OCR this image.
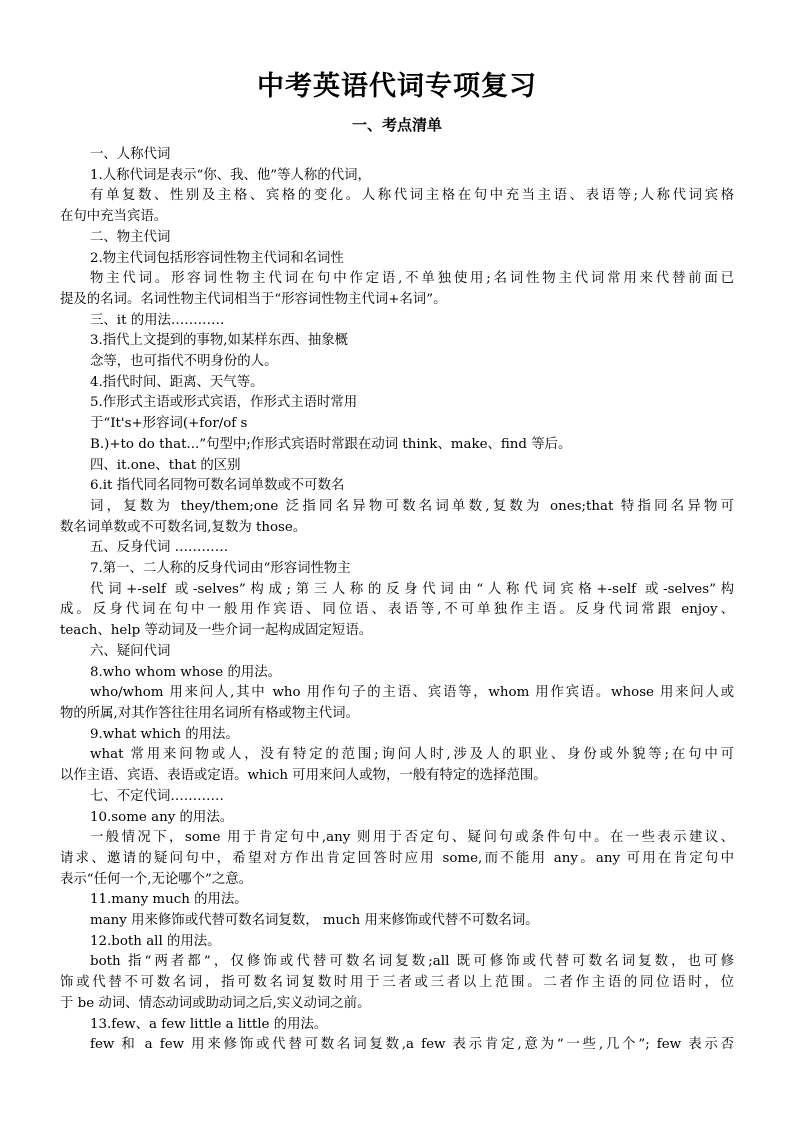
中考英语代词专项复习
一、考点清单
一、人称代词
1.人称代词是表示“你、我、他”等人称的代词，
有单复数、性别及主格、宾格的变化。人称代词主格在句中充当主语、表语等;人称代词宾格
在句中充当宾语。
二、物主代词
2.物主代词包括形容词性物主代词和名词性
物主代词。形容词性物主代词在句中作定语,不单独使用;名词性物主代词常用来代替前面已
提及的名词。名词性物主代词相当于“形容词性物主代词+名词”。
三、it 的用法…………
3.指代上文提到的事物,如某样东西、抽象概
念等，也可指代不明身份的人。
4.指代时间、距离、天气等。
5.作形式主语或形式宾语，作形式主语时常用
于“It's+形容词(+for/of s
B.)+to do that...”句型中;作形式宾语时常跟在动词 think、make、find 等后。
四、it.one、that 的区别
6.it 指代同名同物可数名词单数或不可数名
词，复数为 they/them;one 泛指同名异物可数名词单数,复数为 ones;that 特指同名异物可
数名词单数或不可数名词,复数为 those。
五、反身代词 …………
7.第一、二人称的反身代词由“形容词性物主
代词+-self 或-selves”构成;第三人称的反身代词由“人称代词宾格+-self 或-selves”构
成。反身代词在句中一般用作宾语、同位语、表语等,不可单独作主语。反身代词常跟 enjoy、
teach、help 等动词及一些介词一起构成固定短语。
六、疑问代词
8.who whom whose 的用法。
who/whom 用来问人,其中 who 用作句子的主语、宾语等，whom 用作宾语。whose 用来问人或
物的所属,对其作答往往用名词所有格或物主代词。
9.what which 的用法。
what 常用来问物或人，没有特定的范围;询问人时,涉及人的职业、身份或外貌等;在句中可
以作主语、宾语、表语或定语。which 可用来问人或物，一般有特定的选择范围。
七、不定代词…………
10.some any 的用法。
一般情况下，some 用于肯定句中,any 则用于否定句、疑问句或条件句中。在一些表示建议、
请求、邀请的疑问句中，希望对方作出肯定回答时应用 some,而不能用 any。any 可用在肯定句中
表示“任何一个,无论哪个”之意。
11.many much 的用法。
many 用来修饰或代替可数名词复数， much 用来修饰或代替不可数名词。
12.both all 的用法。
both 指“两者都”，仅修饰或代替可数名词复数;all 既可修饰或代替可数名词复数，也可修
饰或代替不可数名词，指可数名词复数时用于三者或三者以上范围。二者作主语的同位语时，位
于 be 动词、情态动词或助动词之后,实义动词之前。
13.few、a few little a little 的用法。
few 和 a few 用来修饰或代替可数名词复数,a few 表示肯定,意为“一些,几个”; few 表示否
